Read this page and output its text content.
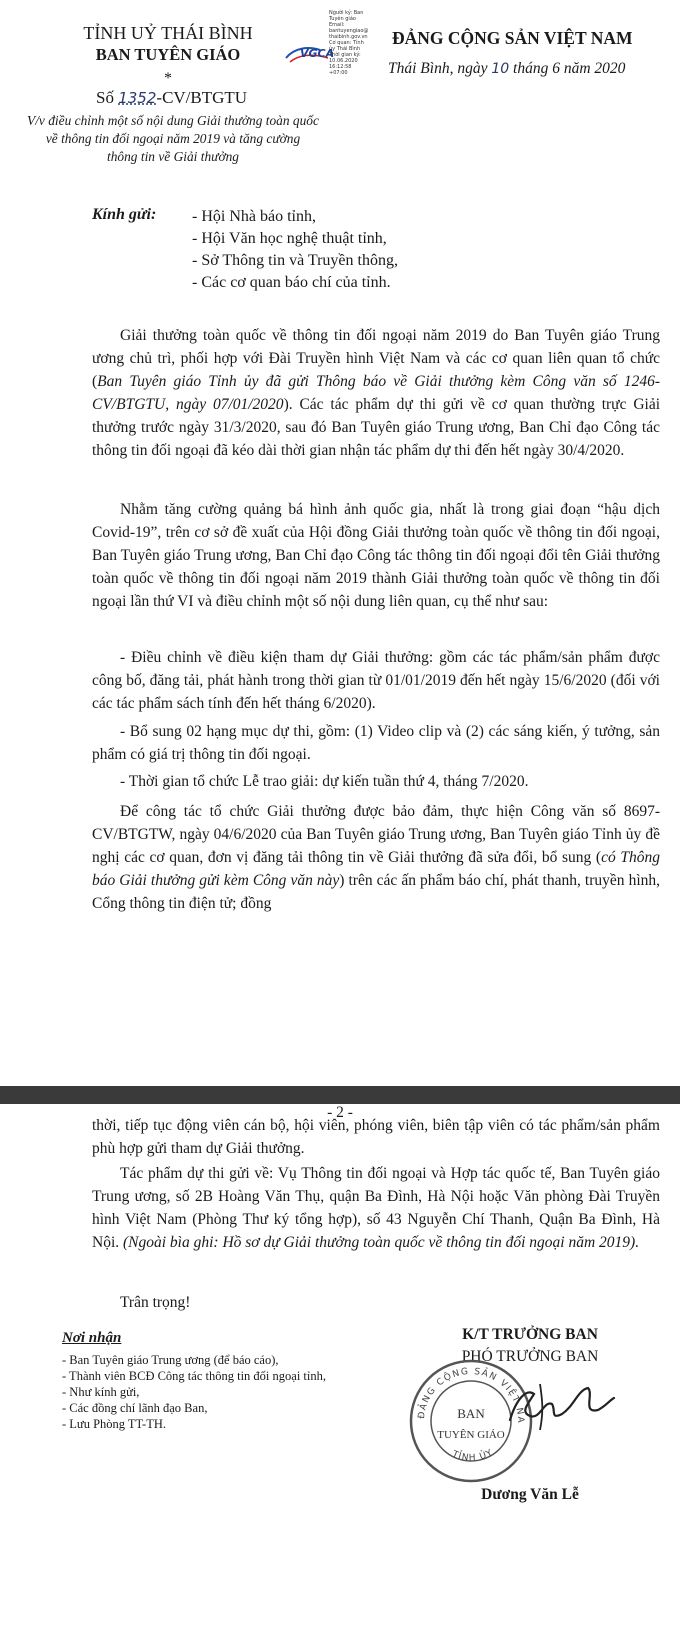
TỈNH UỶ THÁI BÌNH
BAN TUYÊN GIÁO
*
Số 1352-CV/BTGTU
V/v điều chỉnh một số nội dung Giải thưởng toàn quốc
về thông tin đối ngoại năm 2019 và tăng cường
thông tin về Giải thưởng
VGCA
Người ký: Ban
Tuyên giáo
Email:
bantuyengiao@
thaibinh.gov.vn
Cơ quan: Tỉnh
ủy Thái Bình
Thời gian ký:
10.06.2020
16:12:58
+07:00
ĐẢNG CỘNG SẢN VIỆT NAM
Thái Bình, ngày 10 tháng 6 năm 2020
Kính gửi: - Hội Nhà báo tỉnh,
- Hội Văn học nghệ thuật tỉnh,
- Sở Thông tin và Truyền thông,
- Các cơ quan báo chí của tỉnh.
Giải thưởng toàn quốc về thông tin đối ngoại năm 2019 do Ban Tuyên giáo Trung ương chủ trì, phối hợp với Đài Truyền hình Việt Nam và các cơ quan liên quan tổ chức (Ban Tuyên giáo Tỉnh ủy đã gửi Thông báo về Giải thưởng kèm Công văn số 1246-CV/BTGTU, ngày 07/01/2020). Các tác phẩm dự thi gửi về cơ quan thường trực Giải thưởng trước ngày 31/3/2020, sau đó Ban Tuyên giáo Trung ương, Ban Chỉ đạo Công tác thông tin đối ngoại đã kéo dài thời gian nhận tác phẩm dự thi đến hết ngày 30/4/2020.
Nhằm tăng cường quảng bá hình ảnh quốc gia, nhất là trong giai đoạn “hậu dịch Covid-19”, trên cơ sở đề xuất của Hội đồng Giải thưởng toàn quốc về thông tin đối ngoại, Ban Tuyên giáo Trung ương, Ban Chỉ đạo Công tác thông tin đối ngoại đổi tên Giải thưởng toàn quốc về thông tin đối ngoại năm 2019 thành Giải thưởng toàn quốc về thông tin đối ngoại lần thứ VI và điều chỉnh một số nội dung liên quan, cụ thể như sau:
- Điều chỉnh về điều kiện tham dự Giải thưởng: gồm các tác phẩm/sản phẩm được công bố, đăng tải, phát hành trong thời gian từ 01/01/2019 đến hết ngày 15/6/2020 (đối với các tác phẩm sách tính đến hết tháng 6/2020).
- Bổ sung 02 hạng mục dự thi, gồm: (1) Video clip và (2) các sáng kiến, ý tưởng, sản phẩm có giá trị thông tin đối ngoại.
- Thời gian tổ chức Lễ trao giải: dự kiến tuần thứ 4, tháng 7/2020.
Để công tác tổ chức Giải thưởng được bảo đảm, thực hiện Công văn số 8697-CV/BTGTW, ngày 04/6/2020 của Ban Tuyên giáo Trung ương, Ban Tuyên giáo Tỉnh ủy đề nghị các cơ quan, đơn vị đăng tải thông tin về Giải thưởng đã sửa đổi, bổ sung (có Thông báo Giải thưởng gửi kèm Công văn này) trên các ấn phẩm báo chí, phát thanh, truyền hình, Cổng thông tin điện tử; đồng
- 2 -
thời, tiếp tục động viên cán bộ, hội viên, phóng viên, biên tập viên có tác phẩm/sản phẩm phù hợp gửi tham dự Giải thưởng.
Tác phẩm dự thi gửi về: Vụ Thông tin đối ngoại và Hợp tác quốc tế, Ban Tuyên giáo Trung ương, số 2B Hoàng Văn Thụ, quận Ba Đình, Hà Nội hoặc Văn phòng Đài Truyền hình Việt Nam (Phòng Thư ký tổng hợp), số 43 Nguyễn Chí Thanh, Quận Ba Đình, Hà Nội. (Ngoài bìa ghi: Hồ sơ dự Giải thưởng toàn quốc về thông tin đối ngoại năm 2019).
Trân trọng!
Nơi nhận
- Ban Tuyên giáo Trung ương (để báo cáo),
- Thành viên BCĐ Công tác thông tin đối ngoại tỉnh,
- Như kính gửi,
- Các đồng chí lãnh đạo Ban,
- Lưu Phòng TT-TH.
K/T TRƯỞNG BAN
PHÓ TRƯỞNG BAN
ĐẢNG CỘNG SẢN VIỆT NA
TỈNH ỦY
BAN
TUYÊN GIÁO
Dương Văn Lễ
